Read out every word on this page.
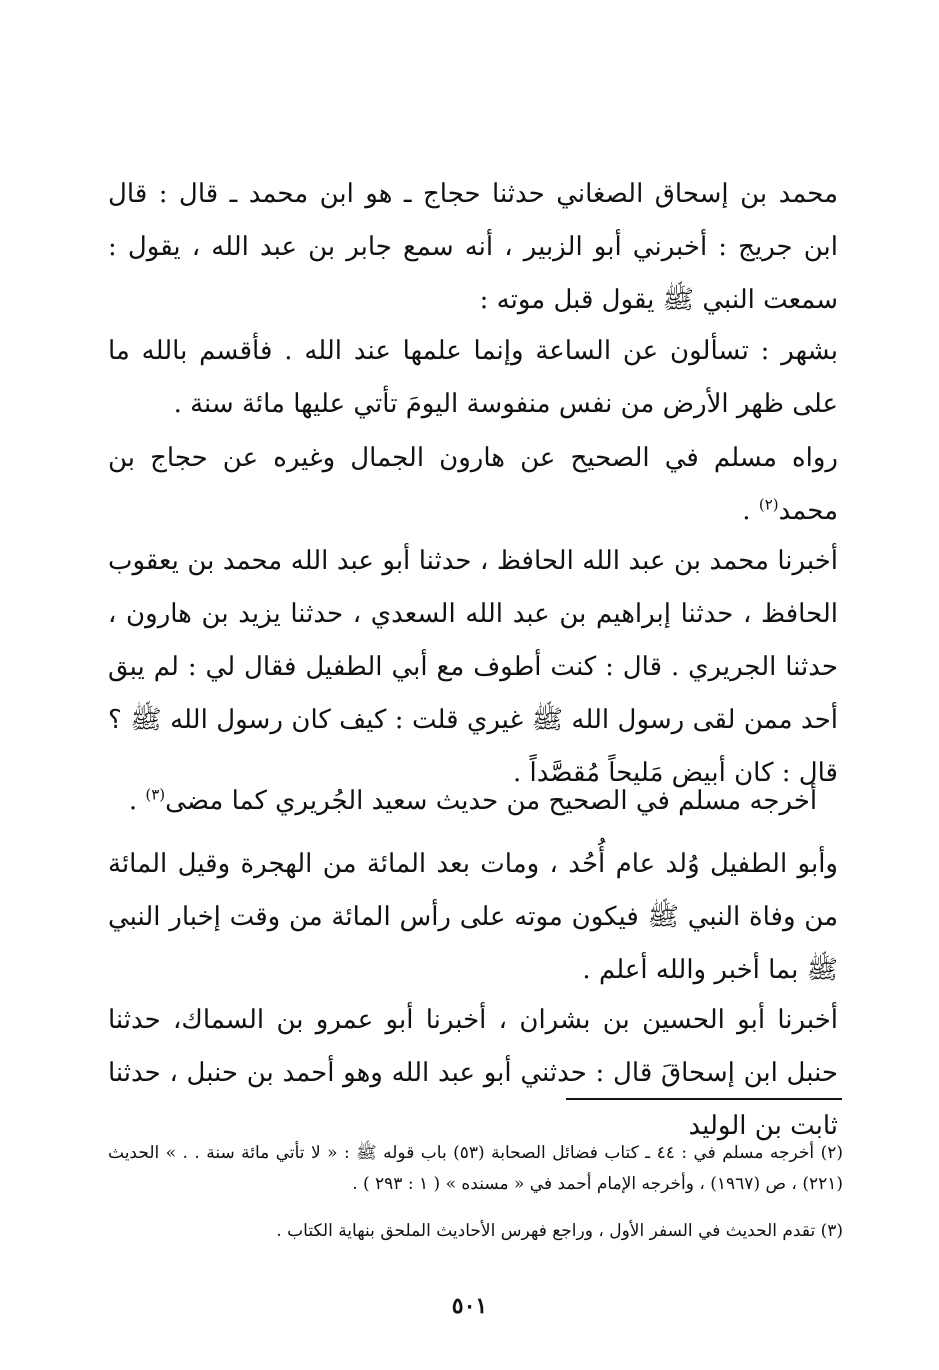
محمد بن إسحاق الصغاني حدثنا حجاج ـ هو ابن محمد ـ قال : قال ابن جريج : أخبرني أبو الزبير ، أنه سمع جابر بن عبد الله ، يقول : سمعت النبي ﷺ يقول قبل موته :

بشهر : تسألون عن الساعة وإنما علمها عند الله . فأقسم بالله ما على ظهر الأرض من نفس منفوسة اليومَ تأتي عليها مائة سنة .

رواه مسلم في الصحيح عن هارون الجمال وغيره عن حجاج بن محمد$^{(٢)}$ .

أخبرنا محمد بن عبد الله الحافظ ، حدثنا أبو عبد الله محمد بن يعقوب الحافظ ، حدثنا إبراهيم بن عبد الله السعدي ، حدثنا يزيد بن هارون ، حدثنا الجريري . قال : كنت أطوف مع أبي الطفيل فقال لي : لم يبق أحد ممن لقى رسول الله ﷺ غيري قلت : كيف كان رسول الله ﷺ ؟ قال : كان أبيض مَليحاً مُقصَّداً .

أخرجه مسلم في الصحيح من حديث سعيد الجُريري كما مضى$^{(٣)}$ .

وأبو الطفيل وُلد عام أُحُد ، ومات بعد المائة من الهجرة وقيل المائة من وفاة النبي ﷺ فيكون موته على رأس المائة من وقت إخبار النبي ﷺ بما أخبر والله أعلم .

أخبرنا أبو الحسين بن بشران ، أخبرنا أبو عمرو بن السماك، حدثنا حنبل ابن إسحاقَ قال : حدثني أبو عبد الله وهو أحمد بن حنبل ، حدثنا ثابت بن الوليد

(٢) أخرجه مسلم في : ٤٤ ـ كتاب فضائل الصحابة (٥٣) باب قوله ﷺ : « لا تأتي مائة سنة . . » الحديث (٢٢١) ، ص (١٩٦٧) ، وأخرجه الإمام أحمد في « مسنده » ( ١ : ٢٩٣ ) .

(٣) تقدم الحديث في السفر الأول ، وراجع فهرس الأحاديث الملحق بنهاية الكتاب .

٥٠١
